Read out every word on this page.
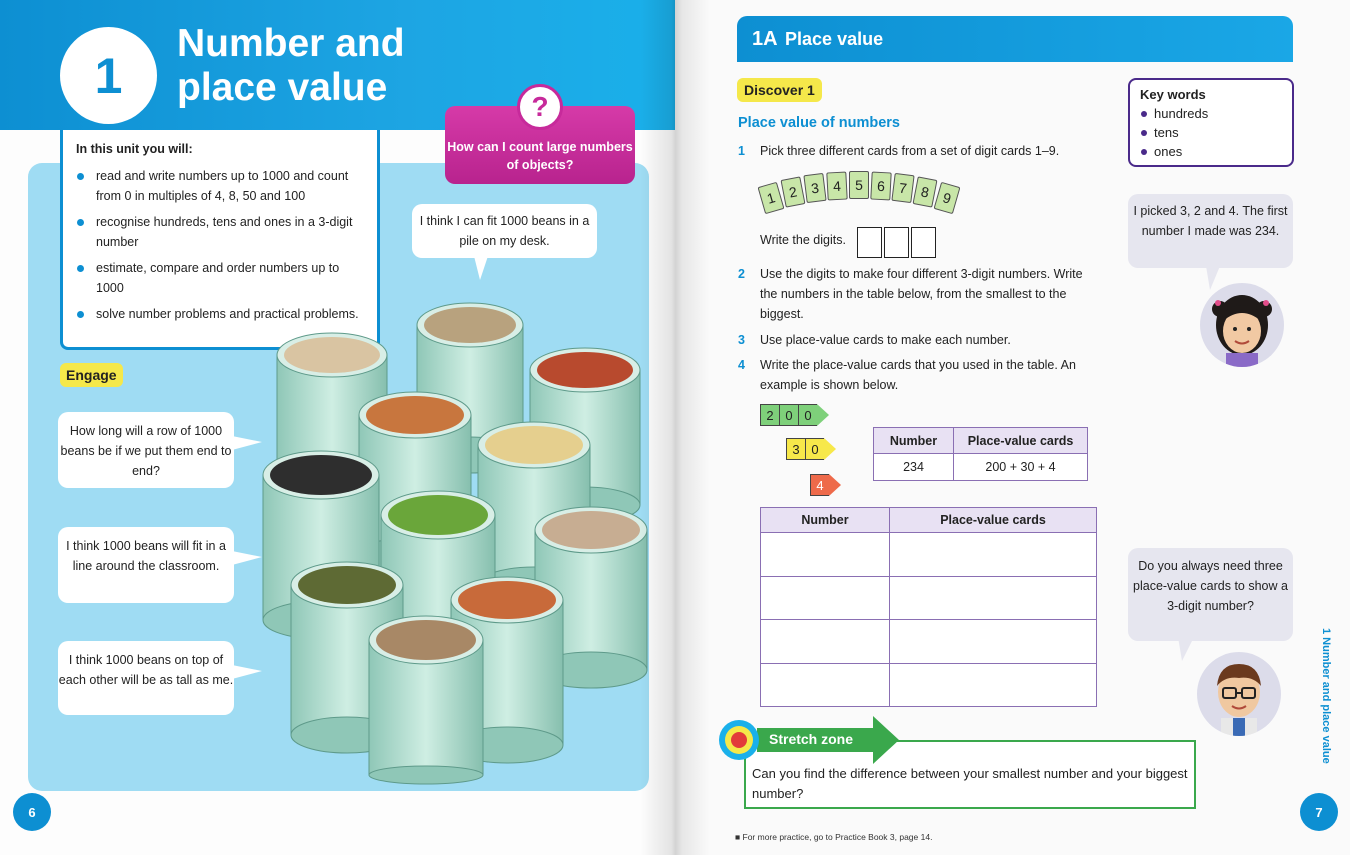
1
Number and place value
In this unit you will:
read and write numbers up to 1000 and count from 0 in multiples of 4, 8, 50 and 100
recognise hundreds, tens and ones in a 3-digit number
estimate, compare and order numbers up to 1000
solve number problems and practical problems.
How can I count large numbers of objects?
?
I think I can fit 1000 beans in a pile on my desk.
Engage
How long will a row of 1000 beans be if we put them end to end?
I think 1000 beans will fit in a line around the classroom.
I think 1000 beans on top of each other will be as tall as me.
6
1A Place value
Discover 1
Place value of numbers
Key words
hundreds
tens
ones
1	Pick three different cards from a set of digit cards 1–9.
1 2 3 4 5 6 7 8 9
Write the digits.
2	Use the digits to make four different 3-digit numbers. Write the numbers in the table below, from the smallest to the biggest.
3	Use place-value cards to make each number.
4	Write the place-value cards that you used in the table. An example is shown below.
2 0 0
3 0
4
Number	Place-value cards
234	200 + 30 + 4
Number	Place-value cards

I picked 3, 2 and 4. The first number I made was 234.
Do you always need three place-value cards to show a 3-digit number?
Can you find the difference between your smallest number and your biggest number?
Stretch zone
■ For more practice, go to Practice Book 3, page 14.
1 Number and place value
7
